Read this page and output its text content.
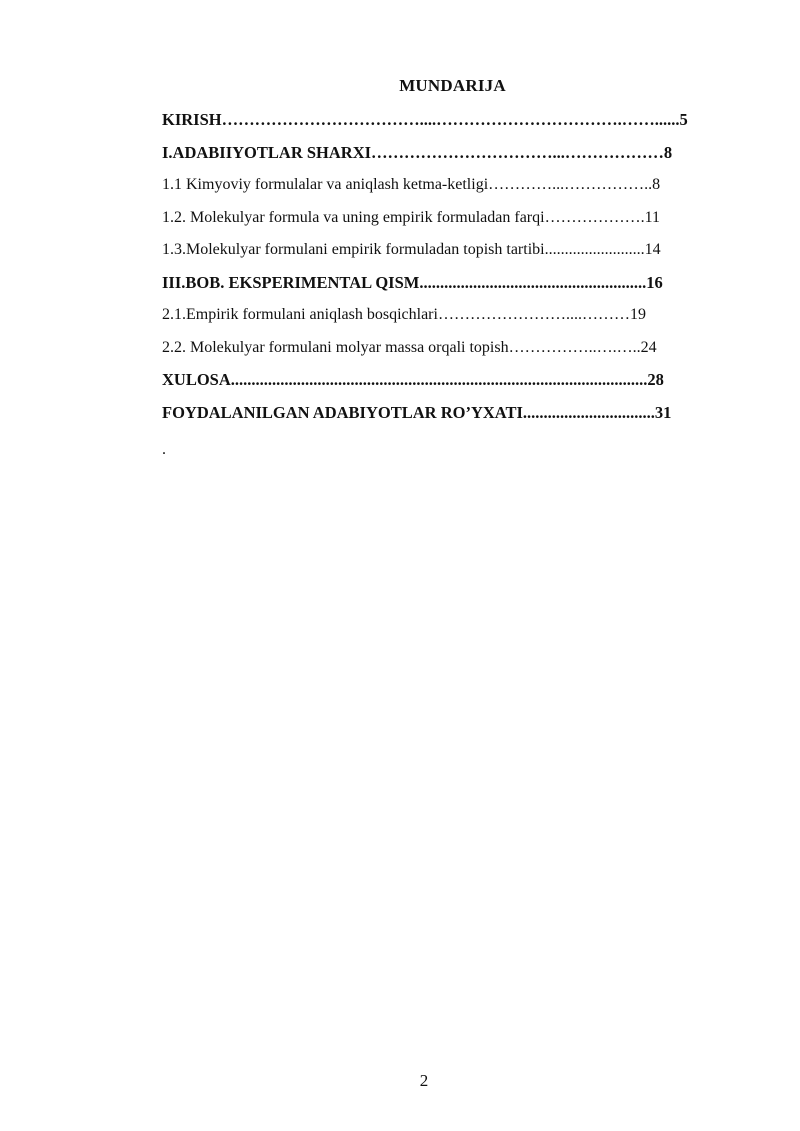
MUNDARIJA
KIRISH………………………………....…………………………….……......5
I.ADABIIYOTLAR SHARXI……………………………...………………8
1.1 Kimyoviy formulalar va aniqlash ketma-ketligi…………...……………..8
1.2. Molekulyar formula va uning empirik formuladan farqi……………….11
1.3.Molekulyar formulani empirik formuladan topish tartibi.........................14
III.BOB. EKSPERIMENTAL QISM.......................................................16
2.1.Empirik formulani aniqlash bosqichlari……………………....………19
2.2. Molekulyar formulani molyar massa orqali topish……………..….…..24
XULOSA.....................................................................................................28
FOYDALANILGAN ADABIYOTLAR RO’YXATI................................31
.
2
